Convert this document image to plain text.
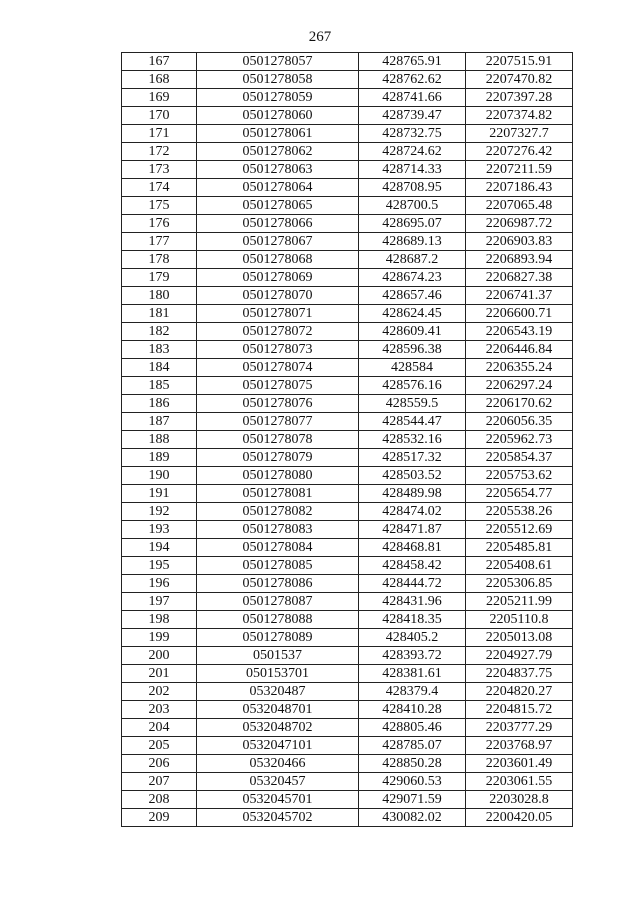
267
167	0501278057	428765.91	2207515.91
168	0501278058	428762.62	2207470.82
169	0501278059	428741.66	2207397.28
170	0501278060	428739.47	2207374.82
171	0501278061	428732.75	2207327.7
172	0501278062	428724.62	2207276.42
173	0501278063	428714.33	2207211.59
174	0501278064	428708.95	2207186.43
175	0501278065	428700.5	2207065.48
176	0501278066	428695.07	2206987.72
177	0501278067	428689.13	2206903.83
178	0501278068	428687.2	2206893.94
179	0501278069	428674.23	2206827.38
180	0501278070	428657.46	2206741.37
181	0501278071	428624.45	2206600.71
182	0501278072	428609.41	2206543.19
183	0501278073	428596.38	2206446.84
184	0501278074	428584	2206355.24
185	0501278075	428576.16	2206297.24
186	0501278076	428559.5	2206170.62
187	0501278077	428544.47	2206056.35
188	0501278078	428532.16	2205962.73
189	0501278079	428517.32	2205854.37
190	0501278080	428503.52	2205753.62
191	0501278081	428489.98	2205654.77
192	0501278082	428474.02	2205538.26
193	0501278083	428471.87	2205512.69
194	0501278084	428468.81	2205485.81
195	0501278085	428458.42	2205408.61
196	0501278086	428444.72	2205306.85
197	0501278087	428431.96	2205211.99
198	0501278088	428418.35	2205110.8
199	0501278089	428405.2	2205013.08
200	0501537	428393.72	2204927.79
201	050153701	428381.61	2204837.75
202	05320487	428379.4	2204820.27
203	0532048701	428410.28	2204815.72
204	0532048702	428805.46	2203777.29
205	0532047101	428785.07	2203768.97
206	05320466	428850.28	2203601.49
207	05320457	429060.53	2203061.55
208	0532045701	429071.59	2203028.8
209	0532045702	430082.02	2200420.05
